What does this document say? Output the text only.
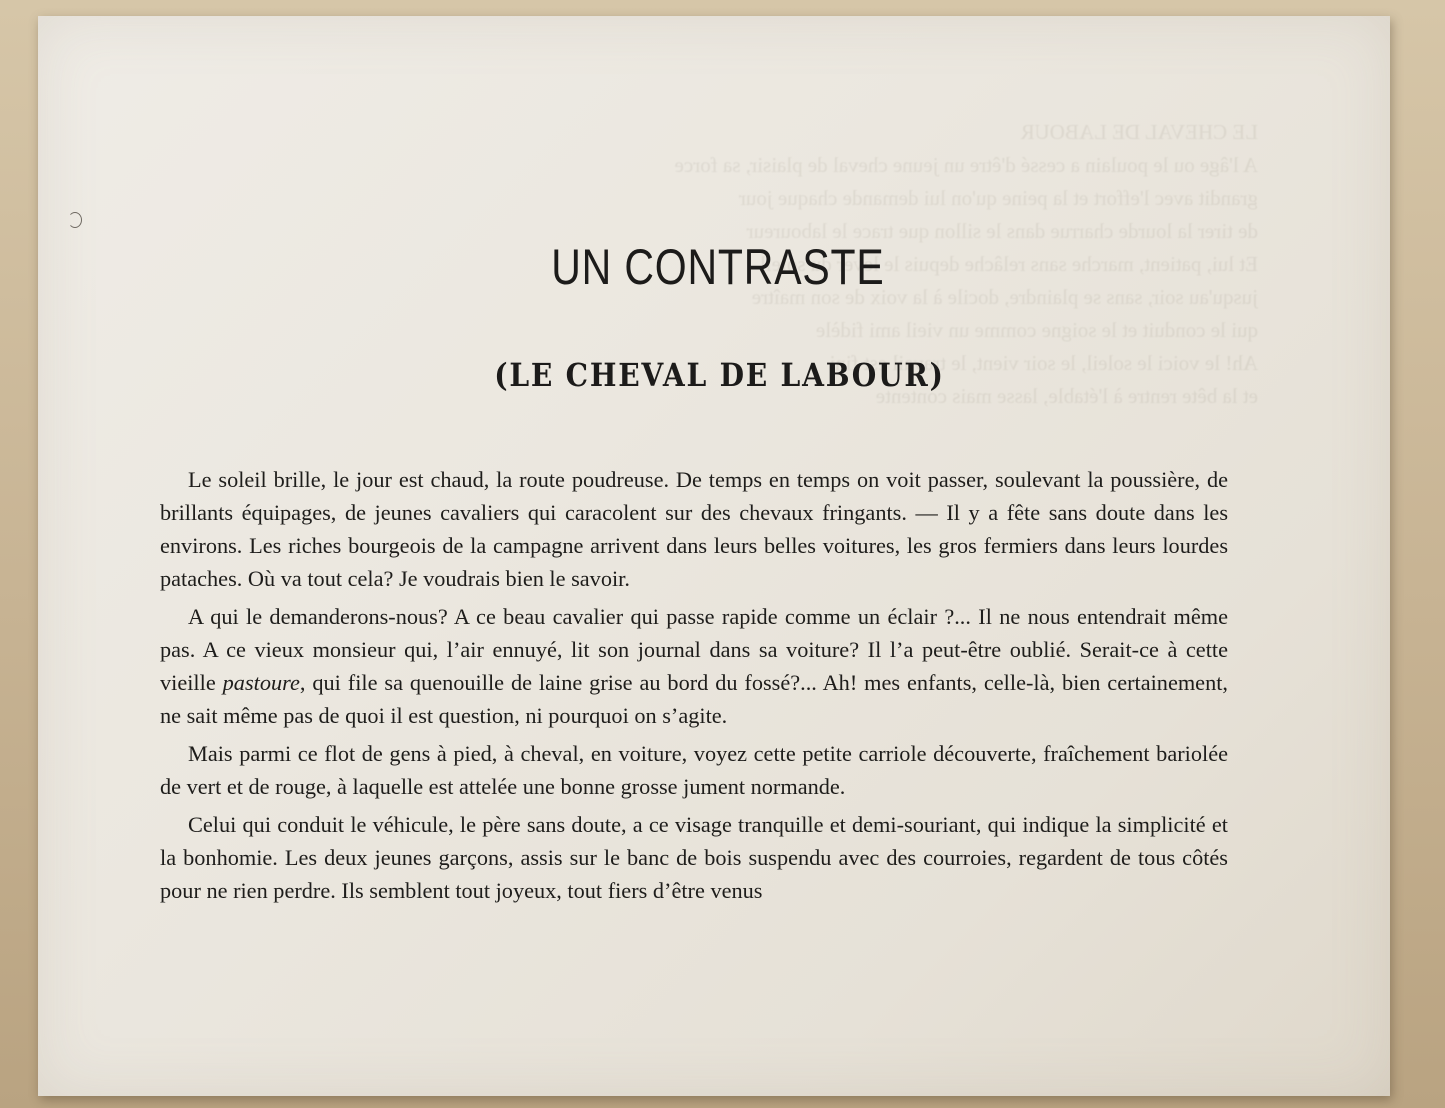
LE CHEVAL DE LABOUR
A l'âge ou le poulain a cessé d'être un jeune cheval de plaisir, sa force
grandit avec l'effort et la peine qu'on lui demande chaque jour
de tirer la lourde charrue dans le sillon que trace le laboureur
Et lui, patient, marche sans relâche depuis le lever du soleil
jusqu'au soir, sans se plaindre, docile à la voix de son maître
qui le conduit et le soigne comme un vieil ami fidèle
Ah! le voici le soleil, le soir vient, le travail est fini
et la bête rentre à l'étable, lasse mais contente
UN CONTRASTE
(LE CHEVAL DE LABOUR)

Le soleil brille, le jour est chaud, la route poudreuse. De temps en temps on voit passer, soulevant la poussière, de brillants équipages, de jeunes cavaliers qui caracolent sur des chevaux fringants. — Il y a fête sans doute dans les environs. Les riches bourgeois de la campagne arrivent dans leurs belles voitures, les gros fermiers dans leurs lourdes pataches. Où va tout cela? Je voudrais bien le savoir.

A qui le demanderons-nous? A ce beau cavalier qui passe rapide comme un éclair ?... Il ne nous entendrait même pas. A ce vieux monsieur qui, l’air ennuyé, lit son journal dans sa voiture? Il l’a peut-être oublié. Serait-ce à cette vieille pastoure, qui file sa quenouille de laine grise au bord du fossé?... Ah! mes enfants, celle-là, bien certainement, ne sait même pas de quoi il est question, ni pourquoi on s’agite.

Mais parmi ce flot de gens à pied, à cheval, en voiture, voyez cette petite carriole découverte, fraîchement bariolée de vert et de rouge, à laquelle est attelée une bonne grosse jument normande.

Celui qui conduit le véhicule, le père sans doute, a ce visage tranquille et demi-souriant, qui indique la simplicité et la bonhomie. Les deux jeunes garçons, assis sur le banc de bois suspendu avec des courroies, regardent de tous côtés pour ne rien perdre. Ils semblent tout joyeux, tout fiers d’être venus
